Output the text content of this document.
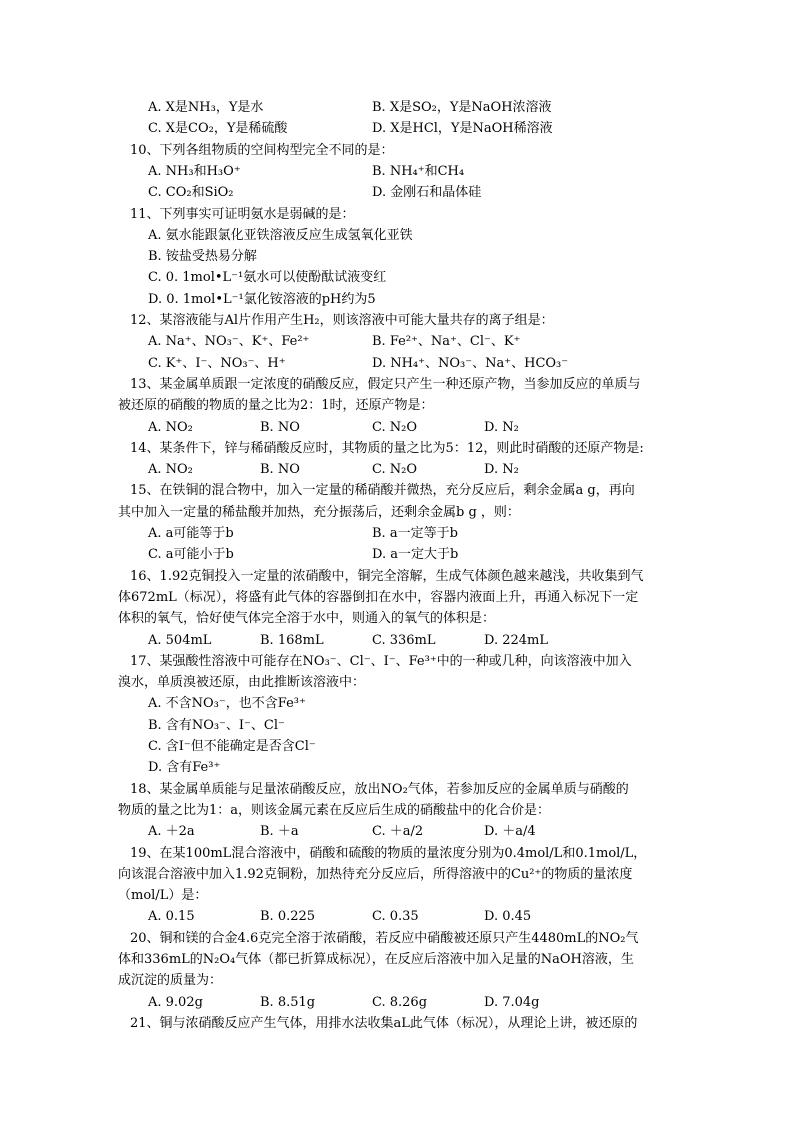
A. X是NH₃，Y是水	B. X是SO₂，Y是NaOH浓溶液
C. X是CO₂，Y是稀硫酸	D. X是HCl，Y是NaOH稀溶液
10、下列各组物质的空间构型完全不同的是：
A. NH₃和H₃O⁺	B. NH₄⁺和CH₄
C. CO₂和SiO₂	D. 金刚石和晶体硅
11、下列事实可证明氨水是弱碱的是：
A. 氨水能跟氯化亚铁溶液反应生成氢氧化亚铁
B. 铵盐受热易分解
C. 0. 1mol•L⁻¹氨水可以使酚酞试液变红
D. 0. 1mol•L⁻¹氯化铵溶液的pH约为5
12、某溶液能与Al片作用产生H₂，则该溶液中可能大量共存的离子组是：
A. Na⁺、NO₃⁻、K⁺、Fe²⁺	B. Fe²⁺、Na⁺、Cl⁻、K⁺
C. K⁺、I⁻、NO₃⁻、H⁺	D. NH₄⁺、NO₃⁻、Na⁺、HCO₃⁻
13、某金属单质跟一定浓度的硝酸反应，假定只产生一种还原产物，当参加反应的单质与
被还原的硝酸的物质的量之比为2：1时，还原产物是：
A. NO₂	B. NO	C. N₂O	D. N₂
14、某条件下，锌与稀硝酸反应时，其物质的量之比为5：12，则此时硝酸的还原产物是:
A. NO₂	B. NO	C. N₂O	D. N₂
15、在铁铜的混合物中，加入一定量的稀硝酸并微热，充分反应后，剩余金属a g，再向
其中加入一定量的稀盐酸并加热，充分振荡后，还剩余金属b g ，则：
A. a可能等于b	B. a一定等于b
C. a可能小于b	D. a一定大于b
16、1.92克铜投入一定量的浓硝酸中，铜完全溶解，生成气体颜色越来越浅，共收集到气
体672mL（标况），将盛有此气体的容器倒扣在水中，容器内液面上升，再通入标况下一定
体积的氧气，恰好使气体完全溶于水中，则通入的氧气的体积是：
A. 504mL	B. 168mL	C. 336mL	D. 224mL
17、某强酸性溶液中可能存在NO₃⁻、Cl⁻、I⁻、Fe³⁺中的一种或几种，向该溶液中加入
溴水，单质溴被还原，由此推断该溶液中：
A. 不含NO₃⁻，也不含Fe³⁺
B. 含有NO₃⁻、I⁻、Cl⁻
C. 含I⁻但不能确定是否含Cl⁻
D. 含有Fe³⁺
18、某金属单质能与足量浓硝酸反应，放出NO₂气体，若参加反应的金属单质与硝酸的
物质的量之比为1：a，则该金属元素在反应后生成的硝酸盐中的化合价是：
A. ＋2a	B. ＋a	C. ＋a/2	D. ＋a/4
19、在某100mL混合溶液中，硝酸和硫酸的物质的量浓度分别为0.4mol/L和0.1mol/L，
向该混合溶液中加入1.92克铜粉，加热待充分反应后，所得溶液中的Cu²⁺的物质的量浓度
（mol/L）是：
A. 0.15	B. 0.225	C. 0.35	D. 0.45
20、铜和镁的合金4.6克完全溶于浓硝酸，若反应中硝酸被还原只产生4480mL的NO₂气
体和336mL的N₂O₄气体（都已折算成标况），在反应后溶液中加入足量的NaOH溶液，生
成沉淀的质量为：
A. 9.02g	B. 8.51g	C. 8.26g	D. 7.04g
21、铜与浓硝酸反应产生气体，用排水法收集aL此气体（标况），从理论上讲，被还原的
